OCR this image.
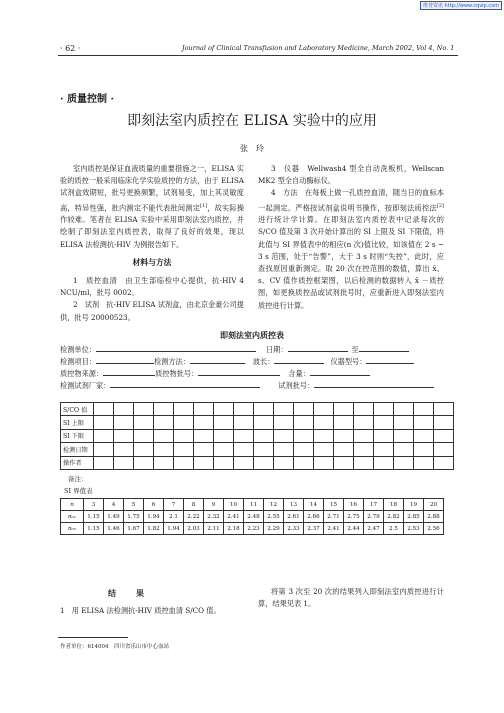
维普资讯 http://www.cqvip.com
· 62 ·	Journal of Clinical Transfusion and Laboratory Medicine, March 2002, Vol 4, No. 1
· 质量控制 ·
即刻法室内质控在 ELISA 实验中的应用
张　玲

室内质控是保证血液质量的重要措施之一，ELISA 实验的质控一般采用临床化学实验质控的方法，由于 ELISA 试剂盒效期短，批号更换频繁，试剂易变，加上其灵敏度高，特异性强，批内测定不能代表批间测定[1]，故实际操作较难。笔者在 ELISA 实验中采用即刻法室内质控，并绘制了即刻法室内质控表，取得了良好的效果，现以 ELISA 法检测抗-HIV 为例报告如下。

材料与方法

1　质控血清　由卫生部临检中心提供，抗-HIV 4 NCU/ml，批号 0002。

2　试剂　抗-HIV ELISA 试剂盒，由北京金豪公司提供，批号 20000523。

3　仪器　Wellwash4 型全自动洗板机，Wellscan MK2 型全自动酶标仪。

4　方法　在每板上做一孔质控血清，随当日的血标本一起测定。严格按试剂盒说明书操作，按即刻法质控法[2]进行统计学计算。在即刻法室内质控表中记录每次的 S/CO 值及第 3 次开始计算出的 SI 上限及 SI 下限值，将此值与 SI 界值表中的相应(n 次)值比较，如该值在 2 s ~ 3 s 范围，处于“告警”，大于 3 s 时则“失控”，此时，应查找原因重新测定。取 20 次在控范围的数值，算出 x̄、s、CV 值作质控框架图，以后检测的数据转入 x̄ －质控图，如更换质控品或试剂批号时，应重新进入即刻法室内质控进行计算。

即刻法室内质控表
检测单位：	日期：	至
检测项目：	检测方法：	波长：	仪器型号：
质控物来源：	质控物批号：	含量：
检测试剂厂家：	试剂批号：
S/CO 值																		
SI 上限																		
SI 下限																		
检测日期																		
操作者																		
备注：
SI 界值表
n	3	4	5	6	7	8	9	10	11	12	13	14	15	16	17	18	19	20
n₀₁	1.15	1.49	1.75	1.94	2.1	2.22	2.32	2.41	2.48	2.55	2.61	2.66	2.71	2.75	2.79	2.82	2.85	2.88
n₀₅	1.15	1.46	1.67	1.82	1.94	2.03	2.11	2.18	2.23	2.29	2.33	2.37	2.41	2.44	2.47	2.5	2.53	2.56
结　果

1　用 ELISA 法检测抗-HIV 质控血清 S/CO 值。

将第 3 次至 20 次的结果列入即刻法室内质控进行计算，结果见表 1。

作者单位：614004　四川省乐山市中心血站
